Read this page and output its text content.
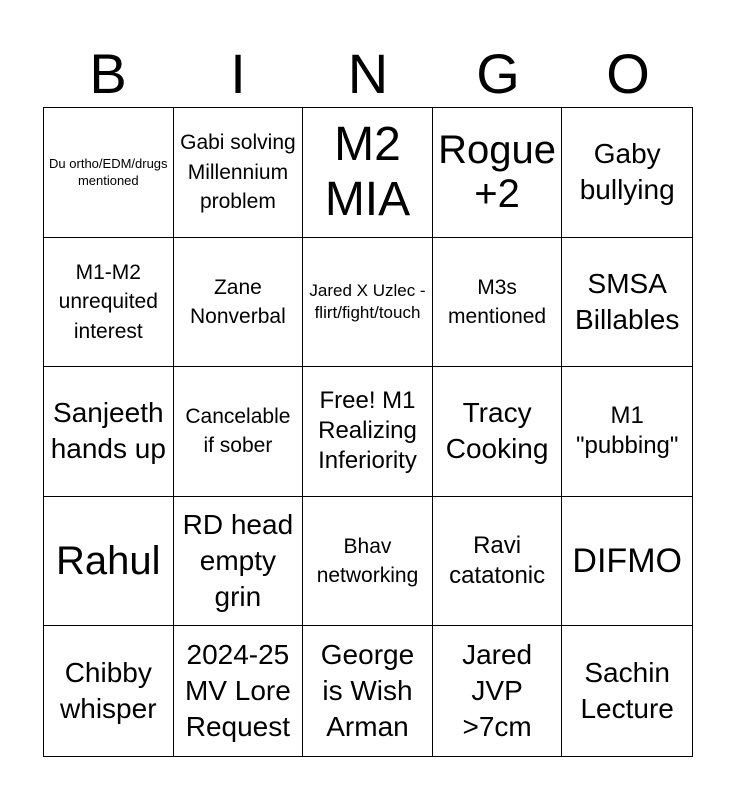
B	I	N	G	O
Du ortho/EDM/drugs mentioned
Gabi solving Millennium problem
M2 MIA
Rogue +2
Gaby bullying
M1-M2 unrequited interest
Zane Nonverbal
Jared X Uzlec - flirt/fight/touch
M3s mentioned
SMSA Billables
Sanjeeth hands up
Cancelable if sober
Free! M1 Realizing Inferiority
Tracy Cooking
M1 "pubbing"
Rahul
RD head empty grin
Bhav networking
Ravi catatonic DIFMO
Chibby whisper
2024-25 MV Lore Request
George is Wish Arman
Jared JVP >7cm
Sachin Lecture
